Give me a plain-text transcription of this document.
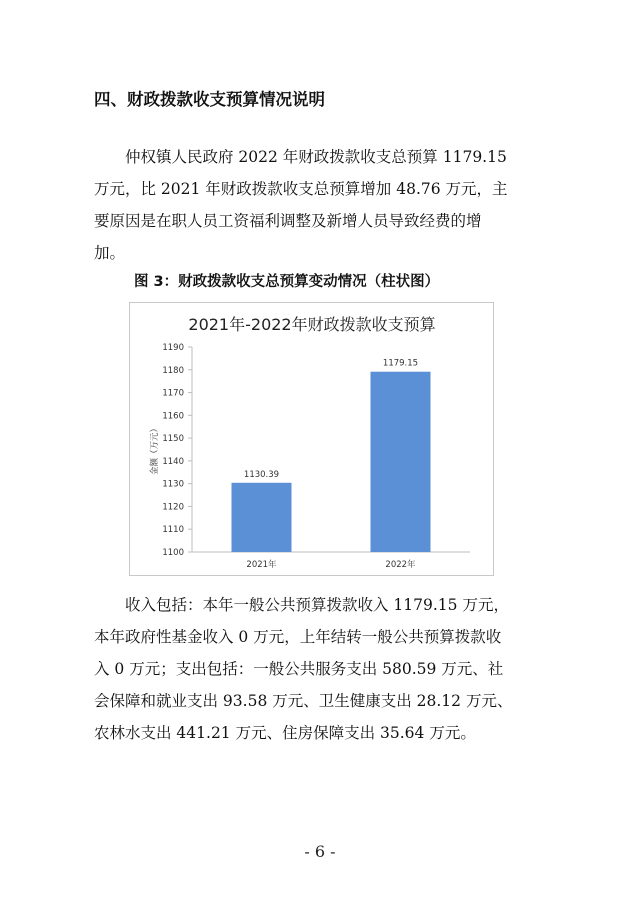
四、财政拨款收支预算情况说明
仲权镇人民政府 2022 年财政拨款收支总预算 1179.15
万元，比 2021 年财政拨款收支总预算增加 48.76 万元，主
要原因是在职人员工资福利调整及新增人员导致经费的增
加。
图 3：财政拨款收支总预算变动情况（柱状图）
2021年-2022年财政拨款收支预算
1100
1110
1120
1130
1140
1150
1160
1170
1180
1190
金额（万元）	1130.39
2021年
1179.15
2022年
收入包括：本年一般公共预算拨款收入 1179.15 万元，
本年政府性基金收入 0 万元，上年结转一般公共预算拨款收
入 0 万元；支出包括：一般公共服务支出 580.59 万元、社
会保障和就业支出 93.58 万元、卫生健康支出 28.12 万元、
农林水支出 441.21 万元、住房保障支出 35.64 万元。
- 6 -
